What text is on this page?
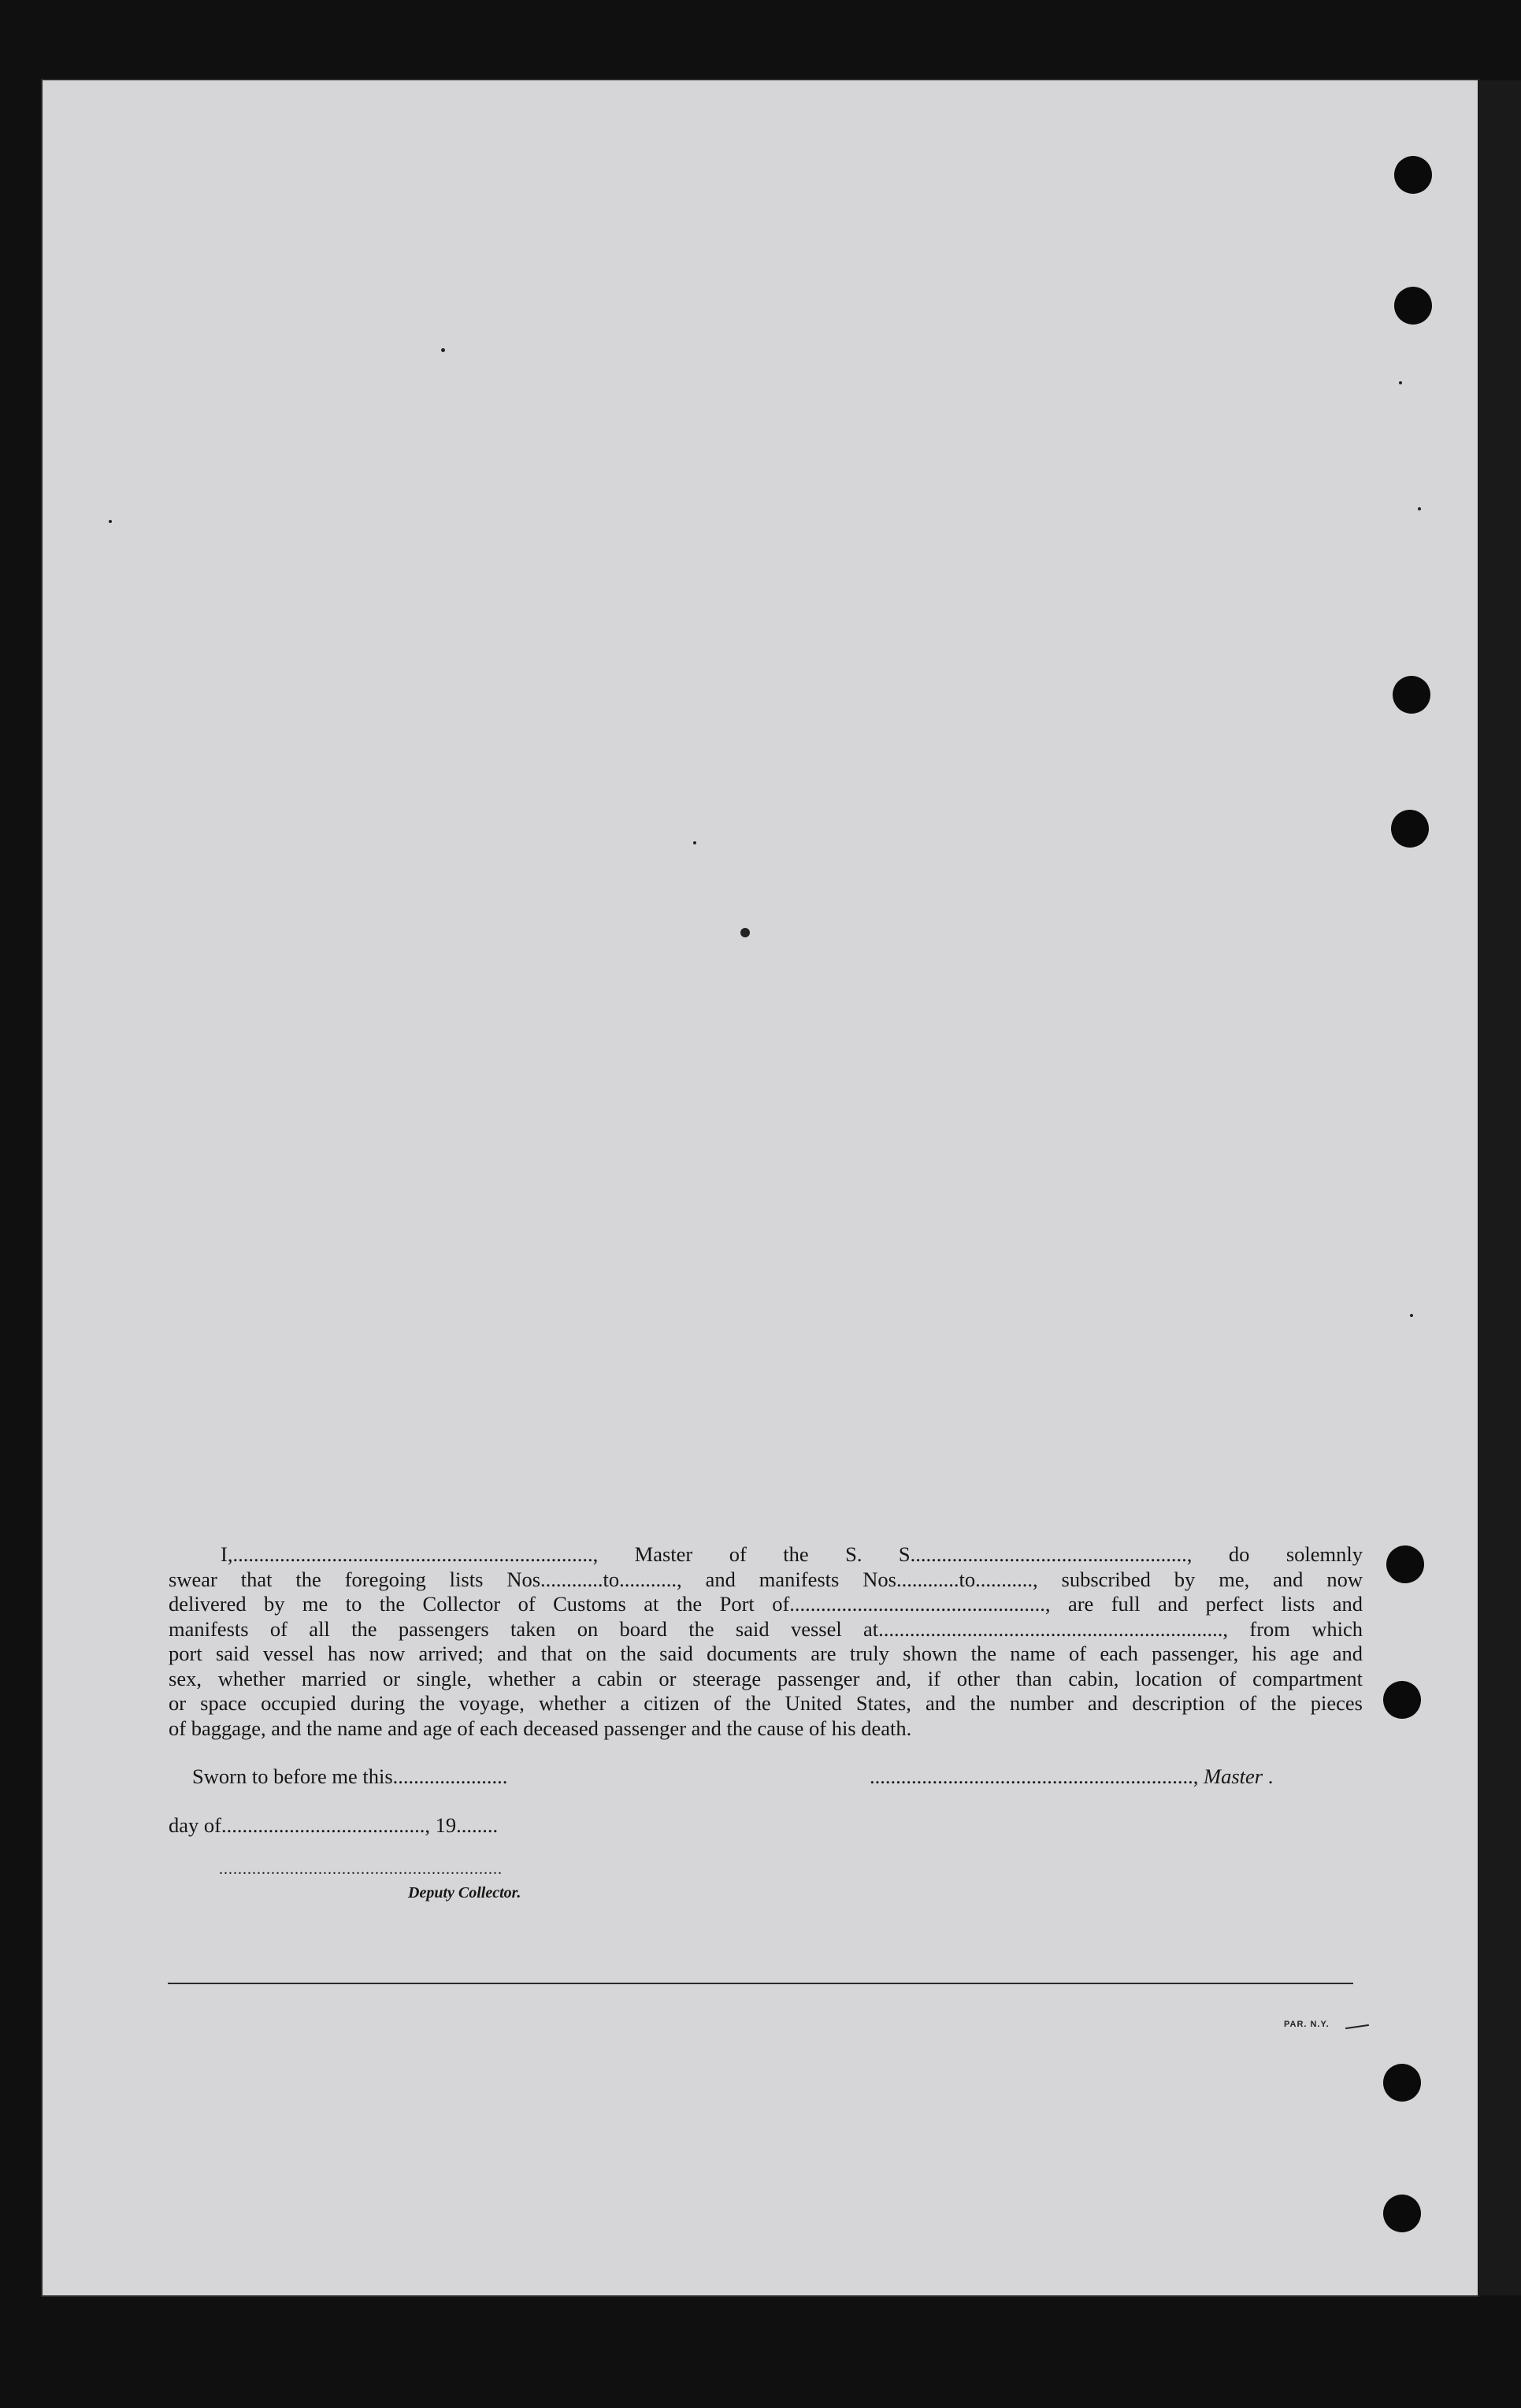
I,....................................................................., Master of the S. S....................................................., do solemnly
swear that the foregoing lists Nos............to..........., and manifests Nos............to..........., subscribed by me, and now
delivered by me to the Collector of Customs at the Port of................................................., are full and perfect lists and
manifests of all the passengers taken on board the said vessel at.................................................................., from which
port said vessel has now arrived; and that on the said documents are truly shown the name of each passenger, his age and
sex, whether married or single, whether a cabin or steerage passenger and, if other than cabin, location of compartment
or space occupied during the voyage, whether a citizen of the United States, and the number and description of the pieces
of baggage, and the name and age of each deceased passenger and the cause of his death.
Sworn to before me this......................	.............................................................., Master .
day of......................................., 19........
............................................................
Deputy Collector.
PAR. N.Y.
